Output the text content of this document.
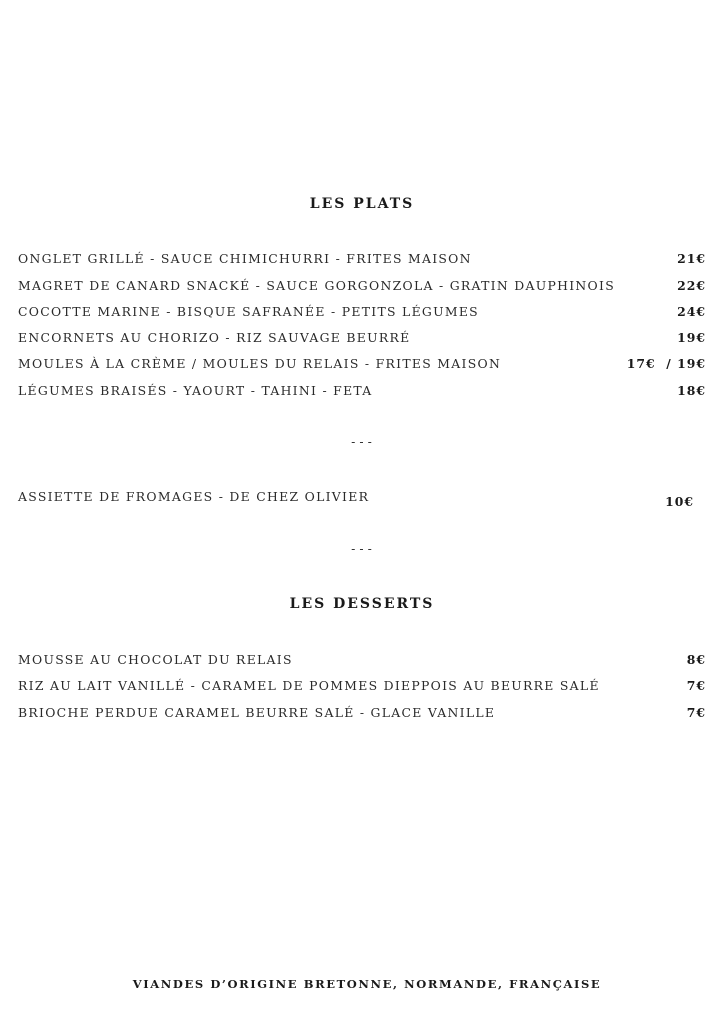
LES PLATS
ONGLET GRILLÉ - SAUCE CHIMICHURRI - FRITES MAISON	21€
MAGRET DE CANARD SNACKÉ - SAUCE GORGONZOLA - GRATIN DAUPHINOIS	22€
COCOTTE MARINE - BISQUE SAFRANÉE - PETITS LÉGUMES	24€
ENCORNETS AU CHORIZO - RIZ SAUVAGE BEURRÉ	19€
MOULES À LA CRÈME / MOULES DU RELAIS - FRITES MAISON	17€  / 19€
LÉGUMES BRAISÉS - YAOURT - TAHINI - FETA	18€
---
ASSIETTE DE FROMAGES - DE CHEZ OLIVIER	10€
---
LES DESSERTS
MOUSSE AU CHOCOLAT DU RELAIS	8€
RIZ AU LAIT VANILLÉ - CARAMEL DE POMMES DIEPPOIS AU BEURRE SALÉ	7€
BRIOCHE PERDUE CARAMEL BEURRE SALÉ - GLACE VANILLE	7€
VIANDES D’ORIGINE BRETONNE, NORMANDE, FRANÇAISE
